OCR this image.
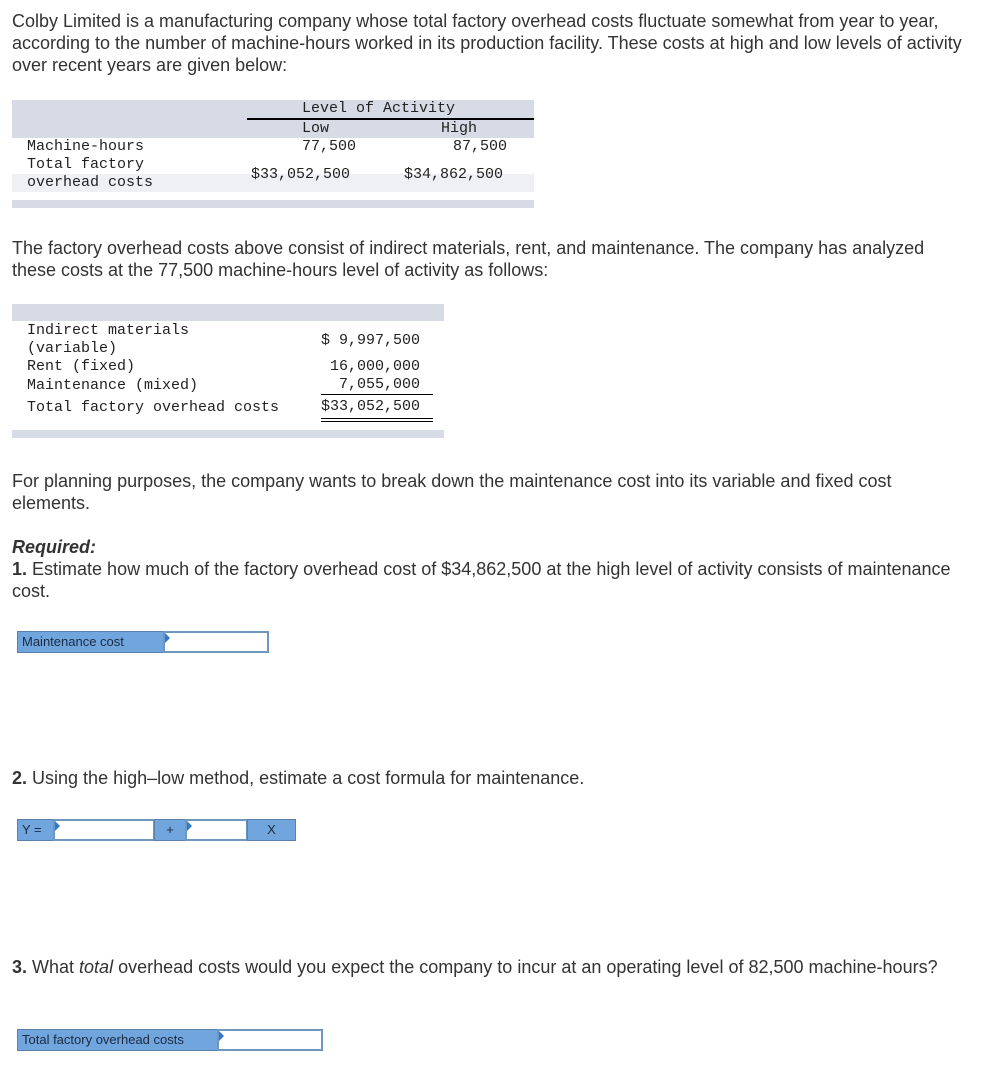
Colby Limited is a manufacturing company whose total factory overhead costs fluctuate somewhat from year to year, according to the number of machine-hours worked in its production facility. These costs at high and low levels of activity over recent years are given below:

Level of Activity
Low	High
Machine-hours	77,500	87,500
Total factory
overhead costs	$33,052,500	$34,862,500

The factory overhead costs above consist of indirect materials, rent, and maintenance. The company has analyzed these costs at the 77,500 machine-hours level of activity as follows:

Indirect materials
(variable)	$ 9,997,500
Rent (fixed)	16,000,000
Maintenance (mixed)	7,055,000
Total factory overhead costs	$33,052,500

For planning purposes, the company wants to break down the maintenance cost into its variable and fixed cost elements.

Required:

1. Estimate how much of the factory overhead cost of $34,862,500 at the high level of activity consists of maintenance cost.

Maintenance cost

2. Using the high–low method, estimate a cost formula for maintenance.

Y =	+	X

3. What total overhead costs would you expect the company to incur at an operating level of 82,500 machine-hours?

Total factory overhead costs
